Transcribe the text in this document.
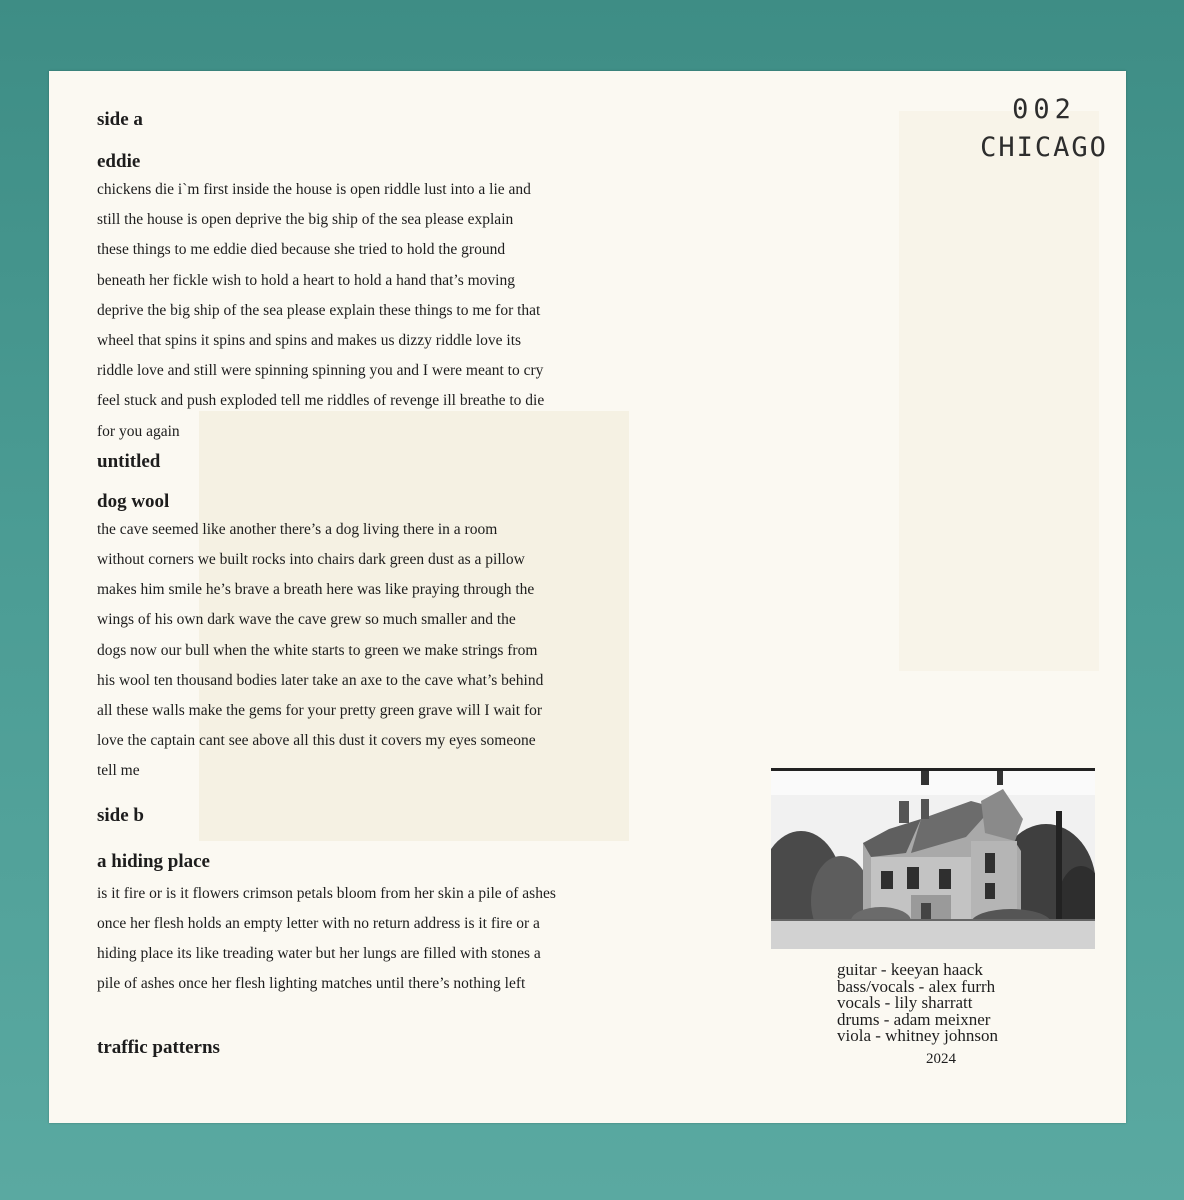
002
CHICAGO
side a
eddie

chickens die i`m first inside the house is open riddle lust into a lie and

still the house is open deprive the big ship of the sea please explain

these things to me eddie died because she tried to hold the ground

beneath her fickle wish to hold a heart to hold a hand that’s moving

deprive the big ship of the sea please explain these things to me for that

wheel that spins it spins and spins and makes us dizzy riddle love its

riddle love and still were spinning spinning you and I were meant to cry

feel stuck and push exploded tell me riddles of revenge ill breathe to die

for you again

untitled
dog wool

the cave seemed like another there’s a dog living there in a room

without corners we built rocks into chairs dark green dust as a pillow

makes him smile he’s brave a breath here was like praying through the

wings of his own dark wave the cave grew so much smaller and the

dogs now our bull when the white starts to green we make strings from

his wool ten thousand bodies later take an axe to the cave what’s behind

all these walls make the gems for your pretty green grave will I wait for

love the captain cant see above all this dust it covers my eyes someone

tell me

side b
a hiding place

is it fire or is it flowers crimson petals bloom from her skin a pile of ashes

once her flesh holds an empty letter with no return address is it fire or a

hiding place its like treading water but her lungs are filled with stones a

pile of ashes once her flesh lighting matches until there’s nothing left

traffic patterns
guitar - keeyan haack
bass/vocals - alex furrh
vocals - lily sharratt
drums - adam meixner
viola - whitney johnson
2024
